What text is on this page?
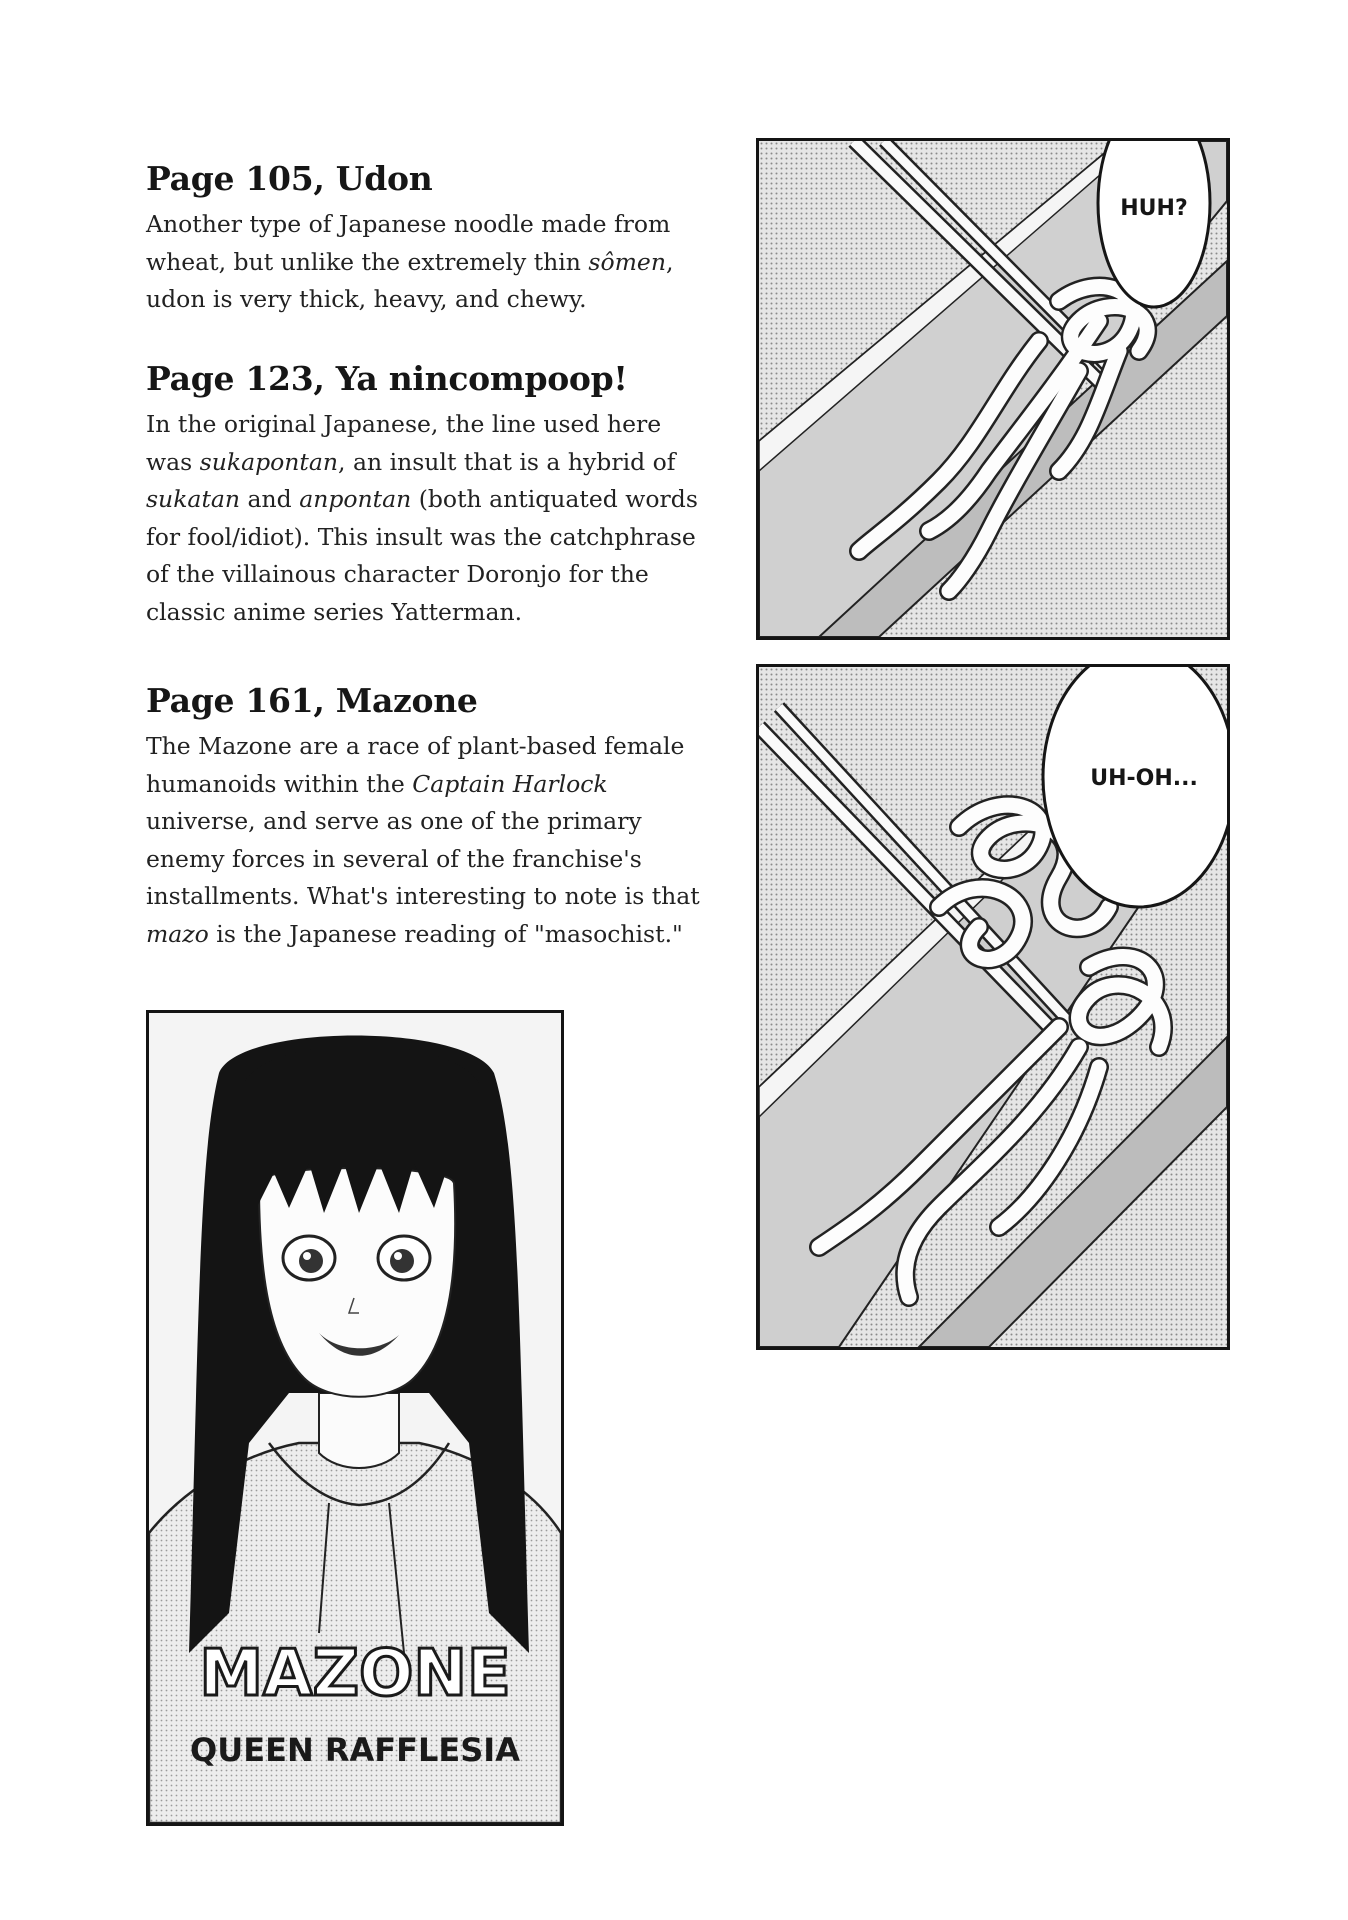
Page 105, Udon
Another type of Japanese noodle made from
wheat, but unlike the extremely thin sômen,
udon is very thick, heavy, and chewy.
Page 123, Ya nincompoop!
In the original Japanese, the line used here
was sukapontan, an insult that is a hybrid of
sukatan and anpontan (both antiquated words
for fool/idiot). This insult was the catchphrase
of the villainous character Doronjo for the
classic anime series Yatterman.
Page 161, Mazone
The Mazone are a race of plant-based female
humanoids within the Captain Harlock
universe, and serve as one of the primary
enemy forces in several of the franchise's
installments. What's interesting to note is that
mazo is the Japanese reading of "masochist."
HUH?
UH-OH...
MAZONE
QUEEN RAFFLESIA
